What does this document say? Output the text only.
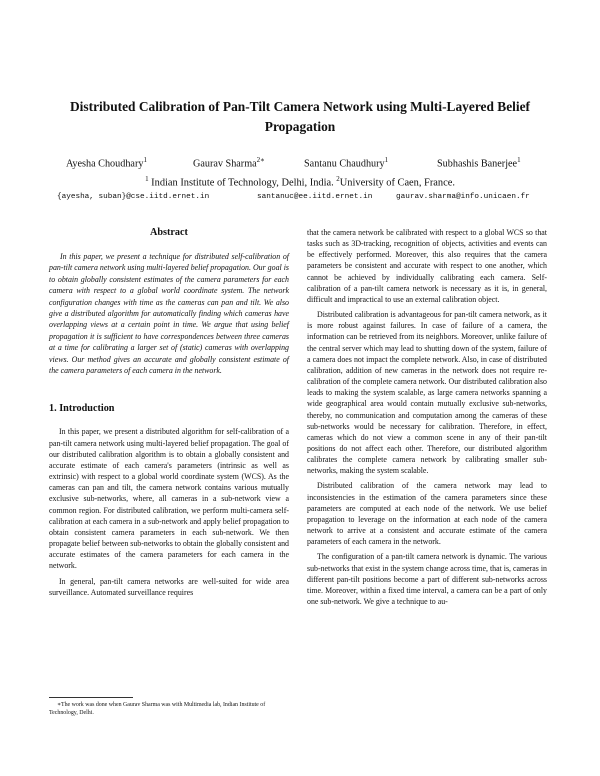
Distributed Calibration of Pan-Tilt Camera Network using Multi-Layered Belief Propagation
Ayesha Choudhary$^1$	Gaurav Sharma$^{2∗}$	Santanu Chaudhury$^1$	Subhashis Banerjee$^1$
$^1$ Indian Institute of Technology, Delhi, India. $^2$University of Caen, France.
{ayesha, suban}@cse.iitd.ernet.in	santanuc@ee.iitd.ernet.in	gaurav.sharma@info.unicaen.fr
Abstract

In this paper, we present a technique for distributed self-calibration of pan-tilt camera network using multi-layered belief propagation. Our goal is to obtain globally consistent estimates of the camera parameters for each camera with respect to a global world coordinate system. The network configuration changes with time as the cameras can pan and tilt. We also give a distributed algorithm for automatically finding which cameras have overlapping views at a certain point in time. We argue that using belief propagation it is sufficient to have correspondences between three cameras at a time for calibrating a larger set of (static) cameras with overlapping views. Our method gives an accurate and globally consistent estimate of the camera parameters of each camera in the network.

1. Introduction

In this paper, we present a distributed algorithm for self-calibration of a pan-tilt camera network using multi-layered belief propagation. The goal of our distributed calibration algorithm is to obtain a globally consistent and accurate estimate of each camera's parameters (intrinsic as well as extrinsic) with respect to a global world coordinate system (WCS). As the cameras can pan and tilt, the camera network contains various mutually exclusive sub-networks, where, all cameras in a sub-network view a common region. For distributed calibration, we perform multi-camera self-calibration at each camera in a sub-network and apply belief propagation to obtain consistent camera parameters in each sub-network. We then propagate belief between sub-networks to obtain the globally consistent and accurate estimates of the camera parameters for each camera in the network.

In general, pan-tilt camera networks are well-suited for wide area surveillance. Automated surveillance requires

that the camera network be calibrated with respect to a global WCS so that tasks such as 3D-tracking, recognition of objects, activities and events can be effectively performed. Moreover, this also requires that the camera parameters be consistent and accurate with respect to one another, which cannot be achieved by individually calibrating each camera. Self-calibration of a pan-tilt camera network is necessary as it is, in general, difficult and impractical to use an external calibration object.

Distributed calibration is advantageous for pan-tilt camera network, as it is more robust against failures. In case of failure of a camera, the information can be retrieved from its neighbors. Moreover, unlike failure of the central server which may lead to shutting down of the system, failure of a camera does not impact the complete network. Also, in case of distributed calibration, addition of new cameras in the network does not require re-calibration of the complete camera network. Our distributed calibration also leads to making the system scalable, as large camera networks spanning a wide geographical area would contain mutually exclusive sub-networks, thereby, no communication and computation among the cameras of these sub-networks would be necessary for calibration. Therefore, in effect, cameras which do not view a common scene in any of their pan-tilt positions do not affect each other. Therefore, our distributed algorithm calibrates the complete camera network by calibrating smaller sub-networks, making the system scalable.

Distributed calibration of the camera network may lead to inconsistencies in the estimation of the camera parameters since these parameters are computed at each node of the network. We use belief propagation to leverage on the information at each node of the camera network to arrive at a consistent and accurate estimate of the camera parameters of each camera in the network.

The configuration of a pan-tilt camera network is dynamic. The various sub-networks that exist in the system change across time, that is, cameras in different pan-tilt positions become a part of different sub-networks across time. Moreover, within a fixed time interval, a camera can be a part of only one sub-network. We give a technique to au-

∗The work was done when Gaurav Sharma was with Multimedia lab, Indian Institute of Technology, Delhi.
